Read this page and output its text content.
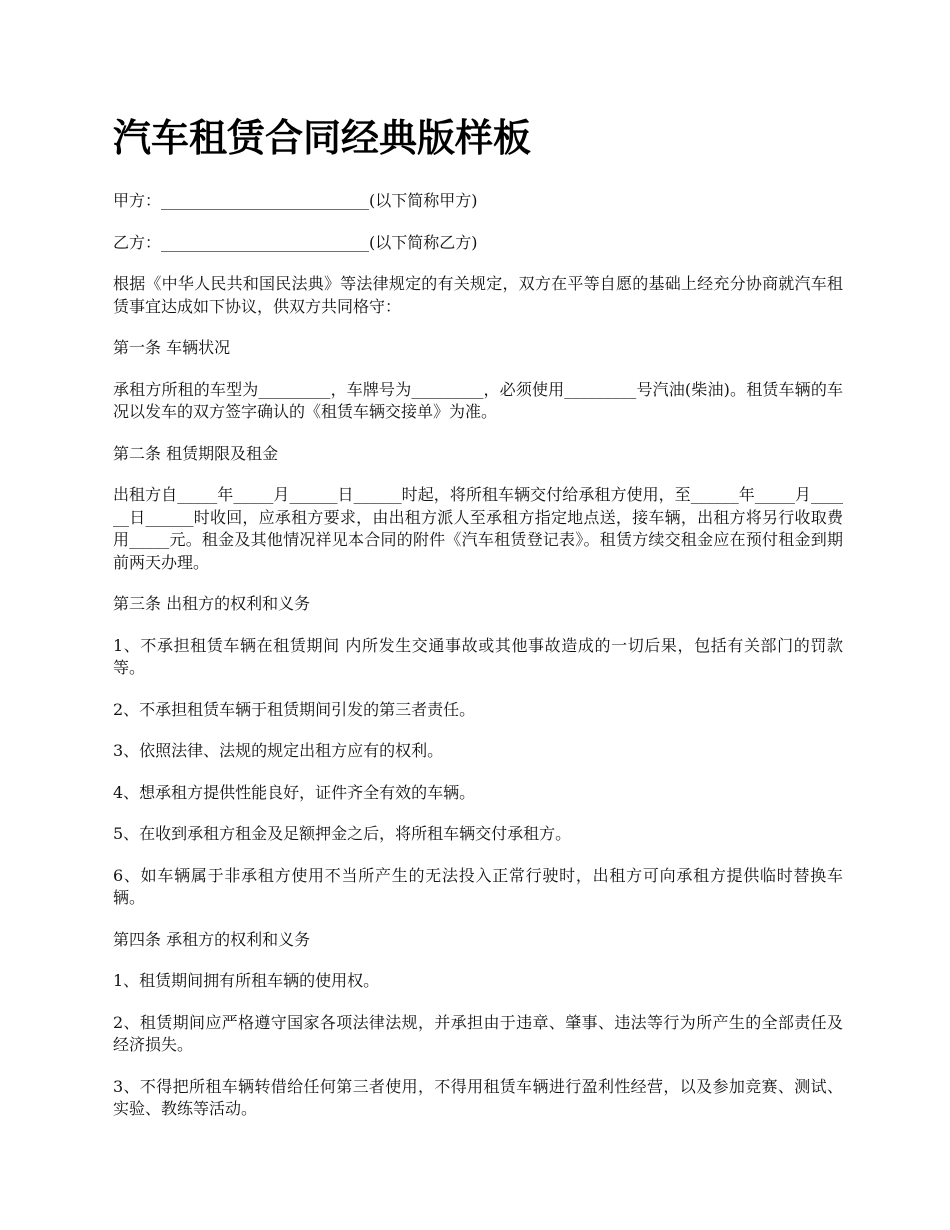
汽车租赁合同经典版样板

甲方：__________________________(以下简称甲方)

乙方：__________________________(以下简称乙方)

根据《中华人民共和国民法典》等法律规定的有关规定，双方在平等自愿的基础上经充分协商就汽车租赁事宜达成如下协议，供双方共同格守：

第一条 车辆状况

承租方所租的车型为_________，车牌号为_________，必须使用_________号汽油(柴油)。租赁车辆的车况以发车的双方签字确认的《租赁车辆交接单》为准。

第二条 租赁期限及租金

出租方自_____年_____月______日______时起，将所租车辆交付给承租方使用，至______年_____月______日______时收回，应承租方要求，由出租方派人至承租方指定地点送，接车辆，出租方将另行收取费用_____元。租金及其他情况祥见本合同的附件《汽车租赁登记表》。租赁方续交租金应在预付租金到期前两天办理。

第三条 出租方的权利和义务

1、不承担租赁车辆在租赁期间 内所发生交通事故或其他事故造成的一切后果，包括有关部门的罚款等。

2、不承担租赁车辆于租赁期间引发的第三者责任。

3、依照法律、法规的规定出租方应有的权利。

4、想承租方提供性能良好，证件齐全有效的车辆。

5、在收到承租方租金及足额押金之后，将所租车辆交付承租方。

6、如车辆属于非承租方使用不当所产生的无法投入正常行驶时，出租方可向承租方提供临时替换车辆。

第四条 承租方的权利和义务

1、租赁期间拥有所租车辆的使用权。

2、租赁期间应严格遵守国家各项法律法规，并承担由于违章、肇事、违法等行为所产生的全部责任及经济损失。

3、不得把所租车辆转借给任何第三者使用，不得用租赁车辆进行盈利性经营，以及参加竞赛、测试、实验、教练等活动。
